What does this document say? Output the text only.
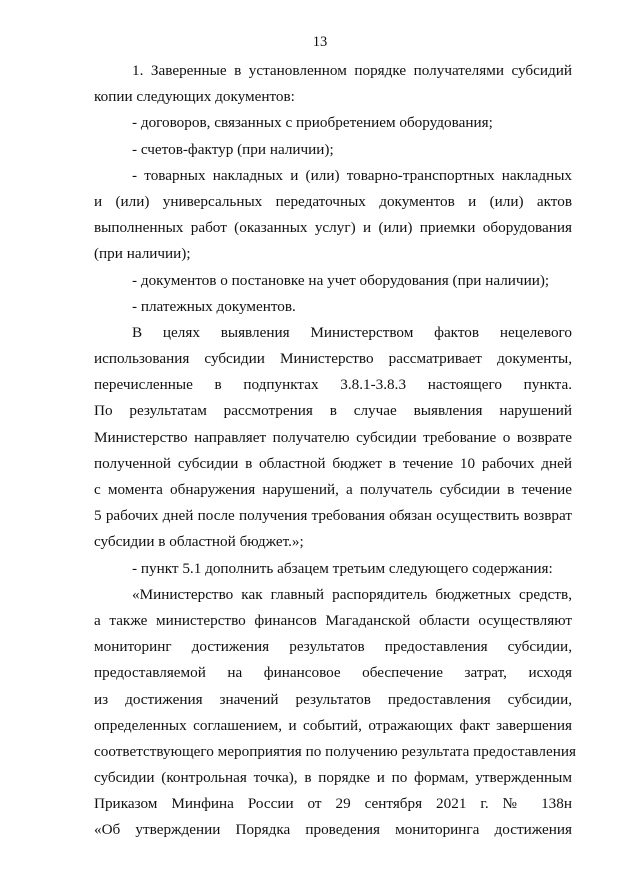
13
1. Заверенные в установленном порядке получателями субсидий
копии следующих документов:
- договоров, связанных с приобретением оборудования;
- счетов-фактур (при наличии);
- товарных накладных и (или) товарно-транспортных накладных
и (или) универсальных передаточных документов и (или) актов
выполненных работ (оказанных услуг) и (или) приемки оборудования
(при наличии);
- документов о постановке на учет оборудования (при наличии);
- платежных документов.
В целях выявления Министерством фактов нецелевого
использования субсидии Министерство рассматривает документы,
перечисленные в подпунктах 3.8.1-3.8.3 настоящего пункта.
По результатам рассмотрения в случае выявления нарушений
Министерство направляет получателю субсидии требование о возврате
полученной субсидии в областной бюджет в течение 10 рабочих дней
с момента обнаружения нарушений, а получатель субсидии в течение
5 рабочих дней после получения требования обязан осуществить возврат
субсидии в областной бюджет.»;
- пункт 5.1 дополнить абзацем третьим следующего содержания:
«Министерство как главный распорядитель бюджетных средств,
а также министерство финансов Магаданской области осуществляют
мониторинг достижения результатов предоставления субсидии,
предоставляемой на финансовое обеспечение затрат, исходя
из достижения значений результатов предоставления субсидии,
определенных соглашением, и событий, отражающих факт завершения
соответствующего мероприятия по получению результата предоставления
субсидии (контрольная точка), в порядке и по формам, утвержденным
Приказом Минфина России от 29 сентября 2021 г. № 138н
«Об утверждении Порядка проведения мониторинга достижения
